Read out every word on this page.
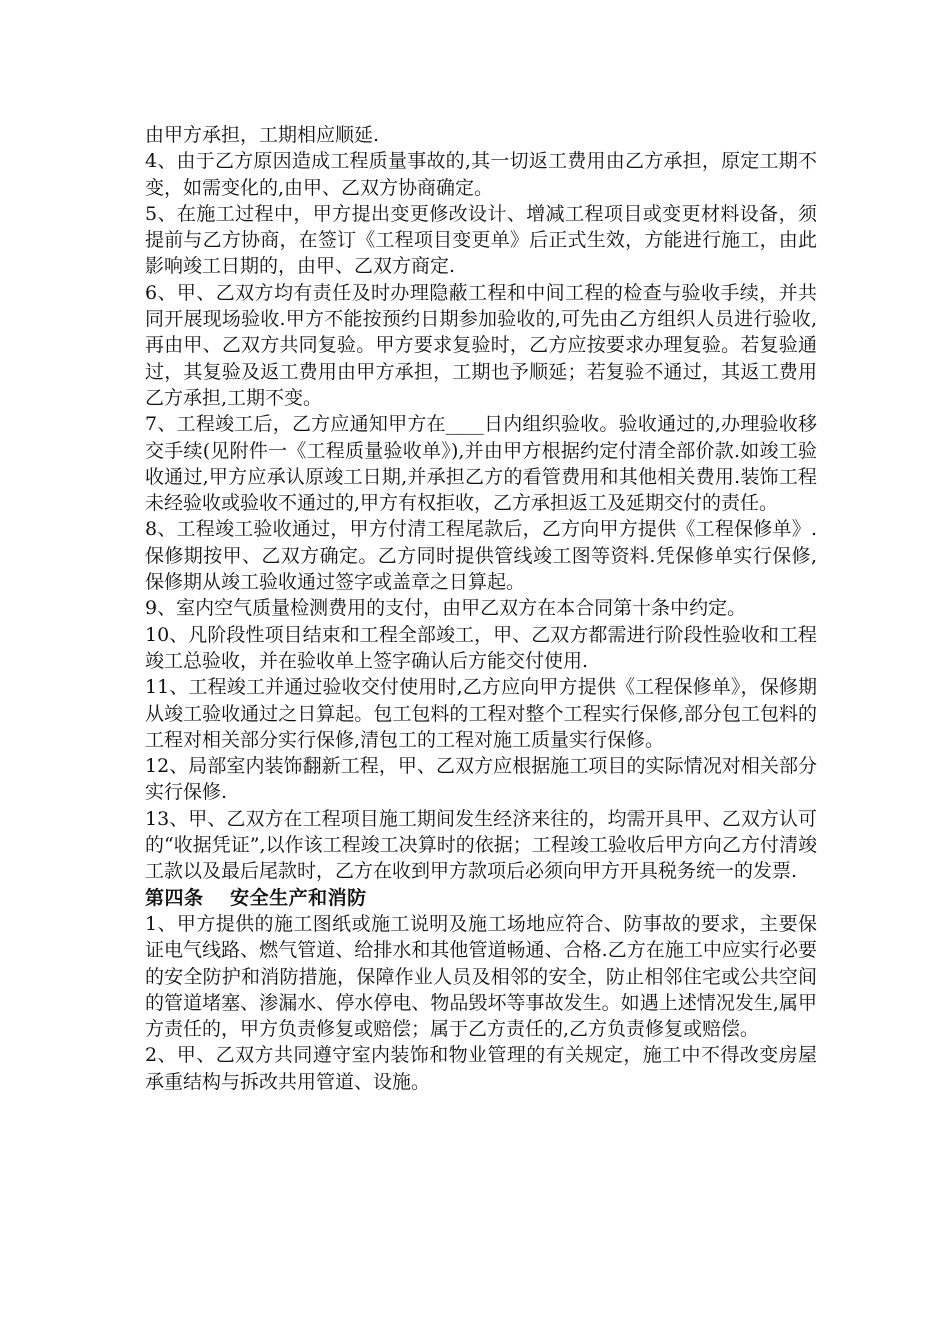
由甲方承担，工期相应顺延.

4、由于乙方原因造成工程质量事故的,其一切返工费用由乙方承担，原定工期不变，如需变化的,由甲、乙双方协商确定。

5、在施工过程中，甲方提出变更修改设计、增减工程项目或变更材料设备，须提前与乙方协商，在签订《工程项目变更单》后正式生效，方能进行施工，由此影响竣工日期的，由甲、乙双方商定.

6、甲、乙双方均有责任及时办理隐蔽工程和中间工程的检查与验收手续，并共同开展现场验收.甲方不能按预约日期参加验收的,可先由乙方组织人员进行验收,再由甲、乙双方共同复验。甲方要求复验时，乙方应按要求办理复验。若复验通过，其复验及返工费用由甲方承担，工期也予顺延；若复验不通过，其返工费用乙方承担,工期不变。

7、工程竣工后，乙方应通知甲方在____日内组织验收。验收通过的,办理验收移交手续(见附件一《工程质量验收单》),并由甲方根据约定付清全部价款.如竣工验收通过,甲方应承认原竣工日期,并承担乙方的看管费用和其他相关费用.装饰工程未经验收或验收不通过的,甲方有权拒收，乙方承担返工及延期交付的责任。

8、工程竣工验收通过，甲方付清工程尾款后，乙方向甲方提供《工程保修单》.保修期按甲、乙双方确定。乙方同时提供管线竣工图等资料.凭保修单实行保修,保修期从竣工验收通过签字或盖章之日算起。

9、室内空气质量检测费用的支付，由甲乙双方在本合同第十条中约定。

10、凡阶段性项目结束和工程全部竣工，甲、乙双方都需进行阶段性验收和工程竣工总验收，并在验收单上签字确认后方能交付使用.

11、工程竣工并通过验收交付使用时,乙方应向甲方提供《工程保修单》，保修期从竣工验收通过之日算起。包工包料的工程对整个工程实行保修,部分包工包料的工程对相关部分实行保修,清包工的工程对施工质量实行保修。

12、局部室内装饰翻新工程，甲、乙双方应根据施工项目的实际情况对相关部分实行保修.

13、甲、乙双方在工程项目施工期间发生经济来往的，均需开具甲、乙双方认可的“收据凭证”,以作该工程竣工决算时的依据；工程竣工验收后甲方向乙方付清竣工款以及最后尾款时，乙方在收到甲方款项后必须向甲方开具税务统一的发票.

第四条　 安全生产和消防

1、甲方提供的施工图纸或施工说明及施工场地应符合、防事故的要求，主要保证电气线路、燃气管道、给排水和其他管道畅通、合格.乙方在施工中应实行必要的安全防护和消防措施，保障作业人员及相邻的安全，防止相邻住宅或公共空间的管道堵塞、渗漏水、停水停电、物品毁坏等事故发生。如遇上述情况发生,属甲方责任的，甲方负责修复或赔偿；属于乙方责任的,乙方负责修复或赔偿。

2、甲、乙双方共同遵守室内装饰和物业管理的有关规定，施工中不得改变房屋承重结构与拆改共用管道、设施。
